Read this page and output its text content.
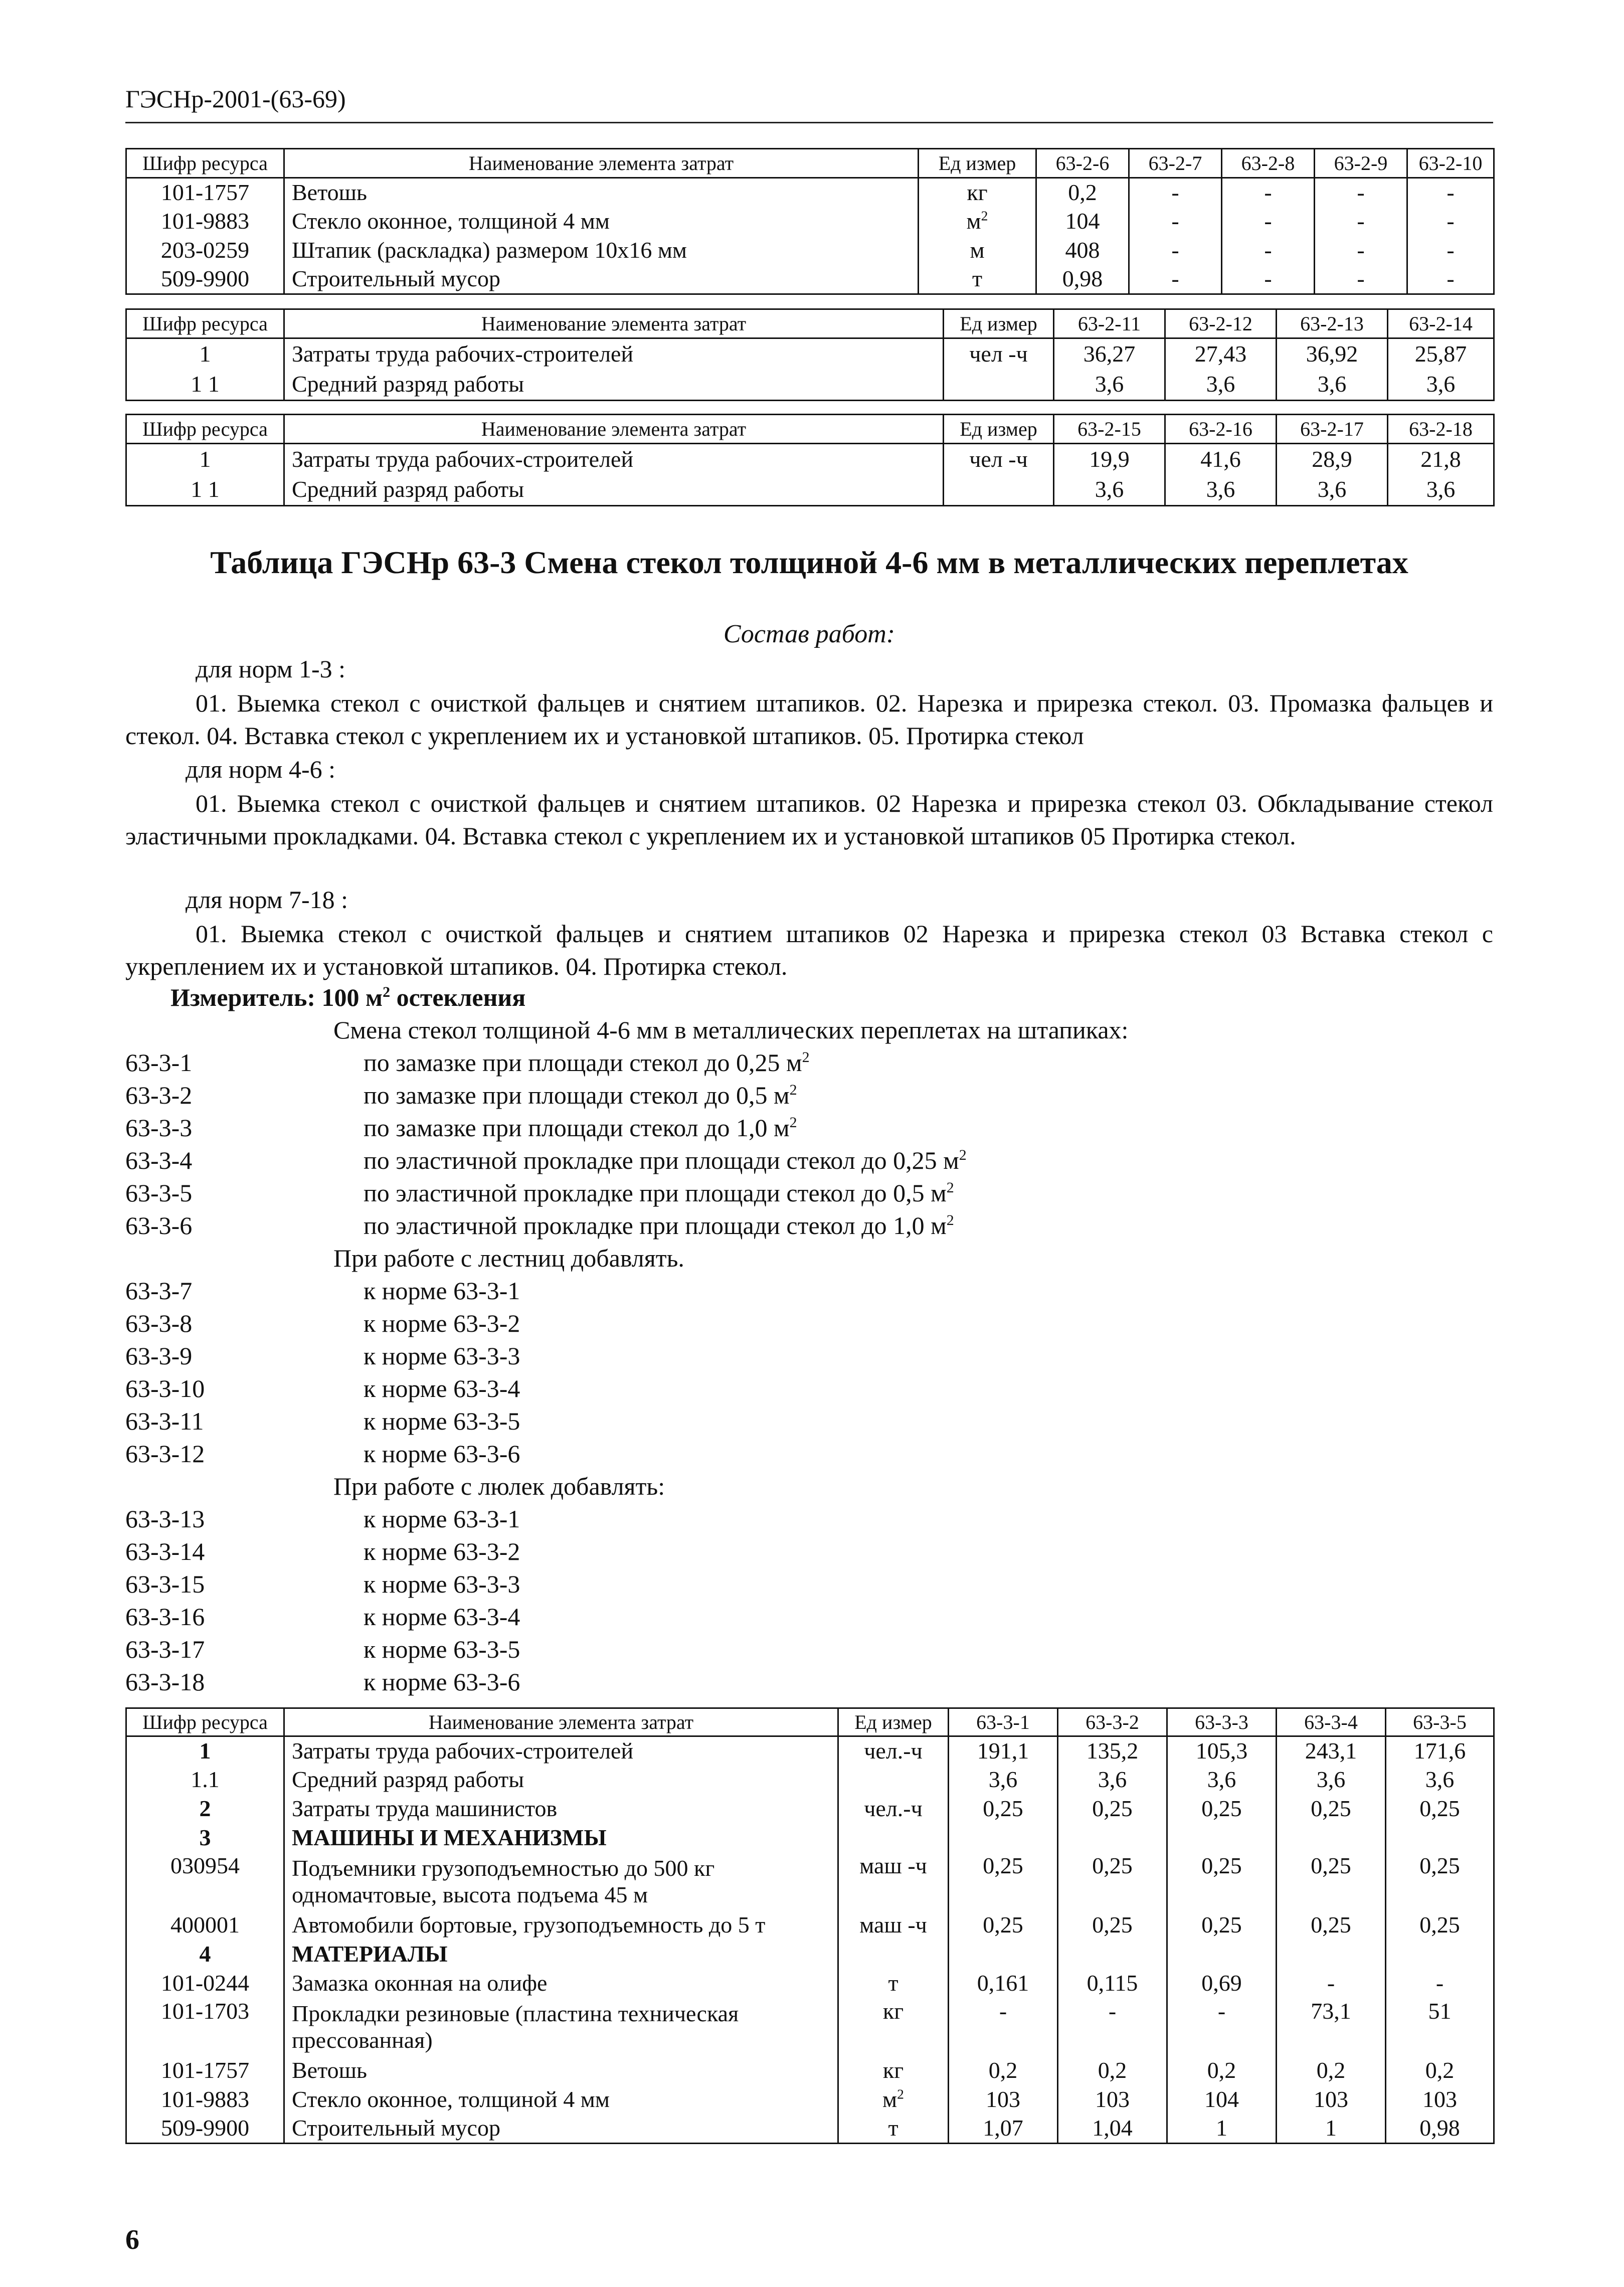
ГЭСНр-2001-(63-69)
Шифр ресурса	Наименование элемента затрат	Ед измер	63-2-6	63-2-7	63-2-8	63-2-9	63-2-10
101-1757	Ветошь	кг	0,2	-	-	-	-
101-9883	Стекло оконное, толщиной 4 мм	$м^2$	104	-	-	-	-
203-0259	Штапик (раскладка) размером 10х16 мм	м	408	-	-	-	-
509-9900	Строительный мусор	т	0,98	-	-	-	-
Шифр ресурса	Наименование элемента затрат	Ед измер	63-2-11	63-2-12	63-2-13	63-2-14
1	Затраты труда рабочих-строителей	чел -ч	36,27	27,43	36,92	25,87
1 1	Средний разряд работы		3,6	3,6	3,6	3,6
Шифр ресурса	Наименование элемента затрат	Ед измер	63-2-15	63-2-16	63-2-17	63-2-18
1	Затраты труда рабочих-строителей	чел -ч	19,9	41,6	28,9	21,8
1 1	Средний разряд работы		3,6	3,6	3,6	3,6
Таблица ГЭСНр 63-3 Смена стекол толщиной 4-6 мм в металлических переплетах
Состав работ:
для норм 1-3 :
01. Выемка стекол с очисткой фальцев и снятием штапиков. 02. Нарезка и прирезка стекол. 03. Промазка фальцев и стекол. 04. Вставка стекол с укреплением их и установкой штапиков. 05. Протирка стекол
для норм 4-6 :
01. Выемка стекол с очисткой фальцев и снятием штапиков. 02 Нарезка и прирезка стекол 03. Обкладывание стекол эластичными прокладками. 04. Вставка стекол с укреплением их и установкой штапиков 05 Протирка стекол.
для норм 7-18 :
01. Выемка стекол с очисткой фальцев и снятием штапиков 02 Нарезка и прирезка стекол 03 Вставка стекол с укреплением их и установкой штапиков. 04. Протирка стекол.
Измеритель: 100 $м^2$ остекления
Смена стекол толщиной 4-6 мм в металлических переплетах на штапиках:
63-3-1	по замазке при площади стекол до 0,25 $м^2$
63-3-2	по замазке при площади стекол до 0,5 $м^2$
63-3-3	по замазке при площади стекол до 1,0 $м^2$
63-3-4	по эластичной прокладке при площади стекол до 0,25 $м^2$
63-3-5	по эластичной прокладке при площади стекол до 0,5 $м^2$
63-3-6	по эластичной прокладке при площади стекол до 1,0 $м^2$
При работе с лестниц добавлять.
63-3-7	к норме 63-3-1
63-3-8	к норме 63-3-2
63-3-9	к норме 63-3-3
63-3-10	к норме 63-3-4
63-3-11	к норме 63-3-5
63-3-12	к норме 63-3-6
При работе с люлек добавлять:
63-3-13	к норме 63-3-1
63-3-14	к норме 63-3-2
63-3-15	к норме 63-3-3
63-3-16	к норме 63-3-4
63-3-17	к норме 63-3-5
63-3-18	к норме 63-3-6
Шифр ресурса	Наименование элемента затрат	Ед измер	63-3-1	63-3-2	63-3-3	63-3-4	63-3-5
1	Затраты труда рабочих-строителей	чел.-ч	191,1	135,2	105,3	243,1	171,6
1.1	Средний разряд работы		3,6	3,6	3,6	3,6	3,6
2	Затраты труда машинистов	чел.-ч	0,25	0,25	0,25	0,25	0,25
3	МАШИНЫ И МЕХАНИЗМЫ						
030954	Подъемники грузоподъемностью до 500 кг одномачтовые, высота подъема 45 м	маш -ч	0,25	0,25	0,25	0,25	0,25
400001	Автомобили бортовые, грузоподъемность до 5 т	маш -ч	0,25	0,25	0,25	0,25	0,25
4	МАТЕРИАЛЫ						
101-0244	Замазка оконная на олифе	т	0,161	0,115	0,69	-	-
101-1703	Прокладки резиновые (пластина техническая прессованная)	кг	-	-	-	73,1	51
101-1757	Ветошь	кг	0,2	0,2	0,2	0,2	0,2
101-9883	Стекло оконное, толщиной 4 мм	$м^2$	103	103	104	103	103
509-9900	Строительный мусор	т	1,07	1,04	1	1	0,98
6
